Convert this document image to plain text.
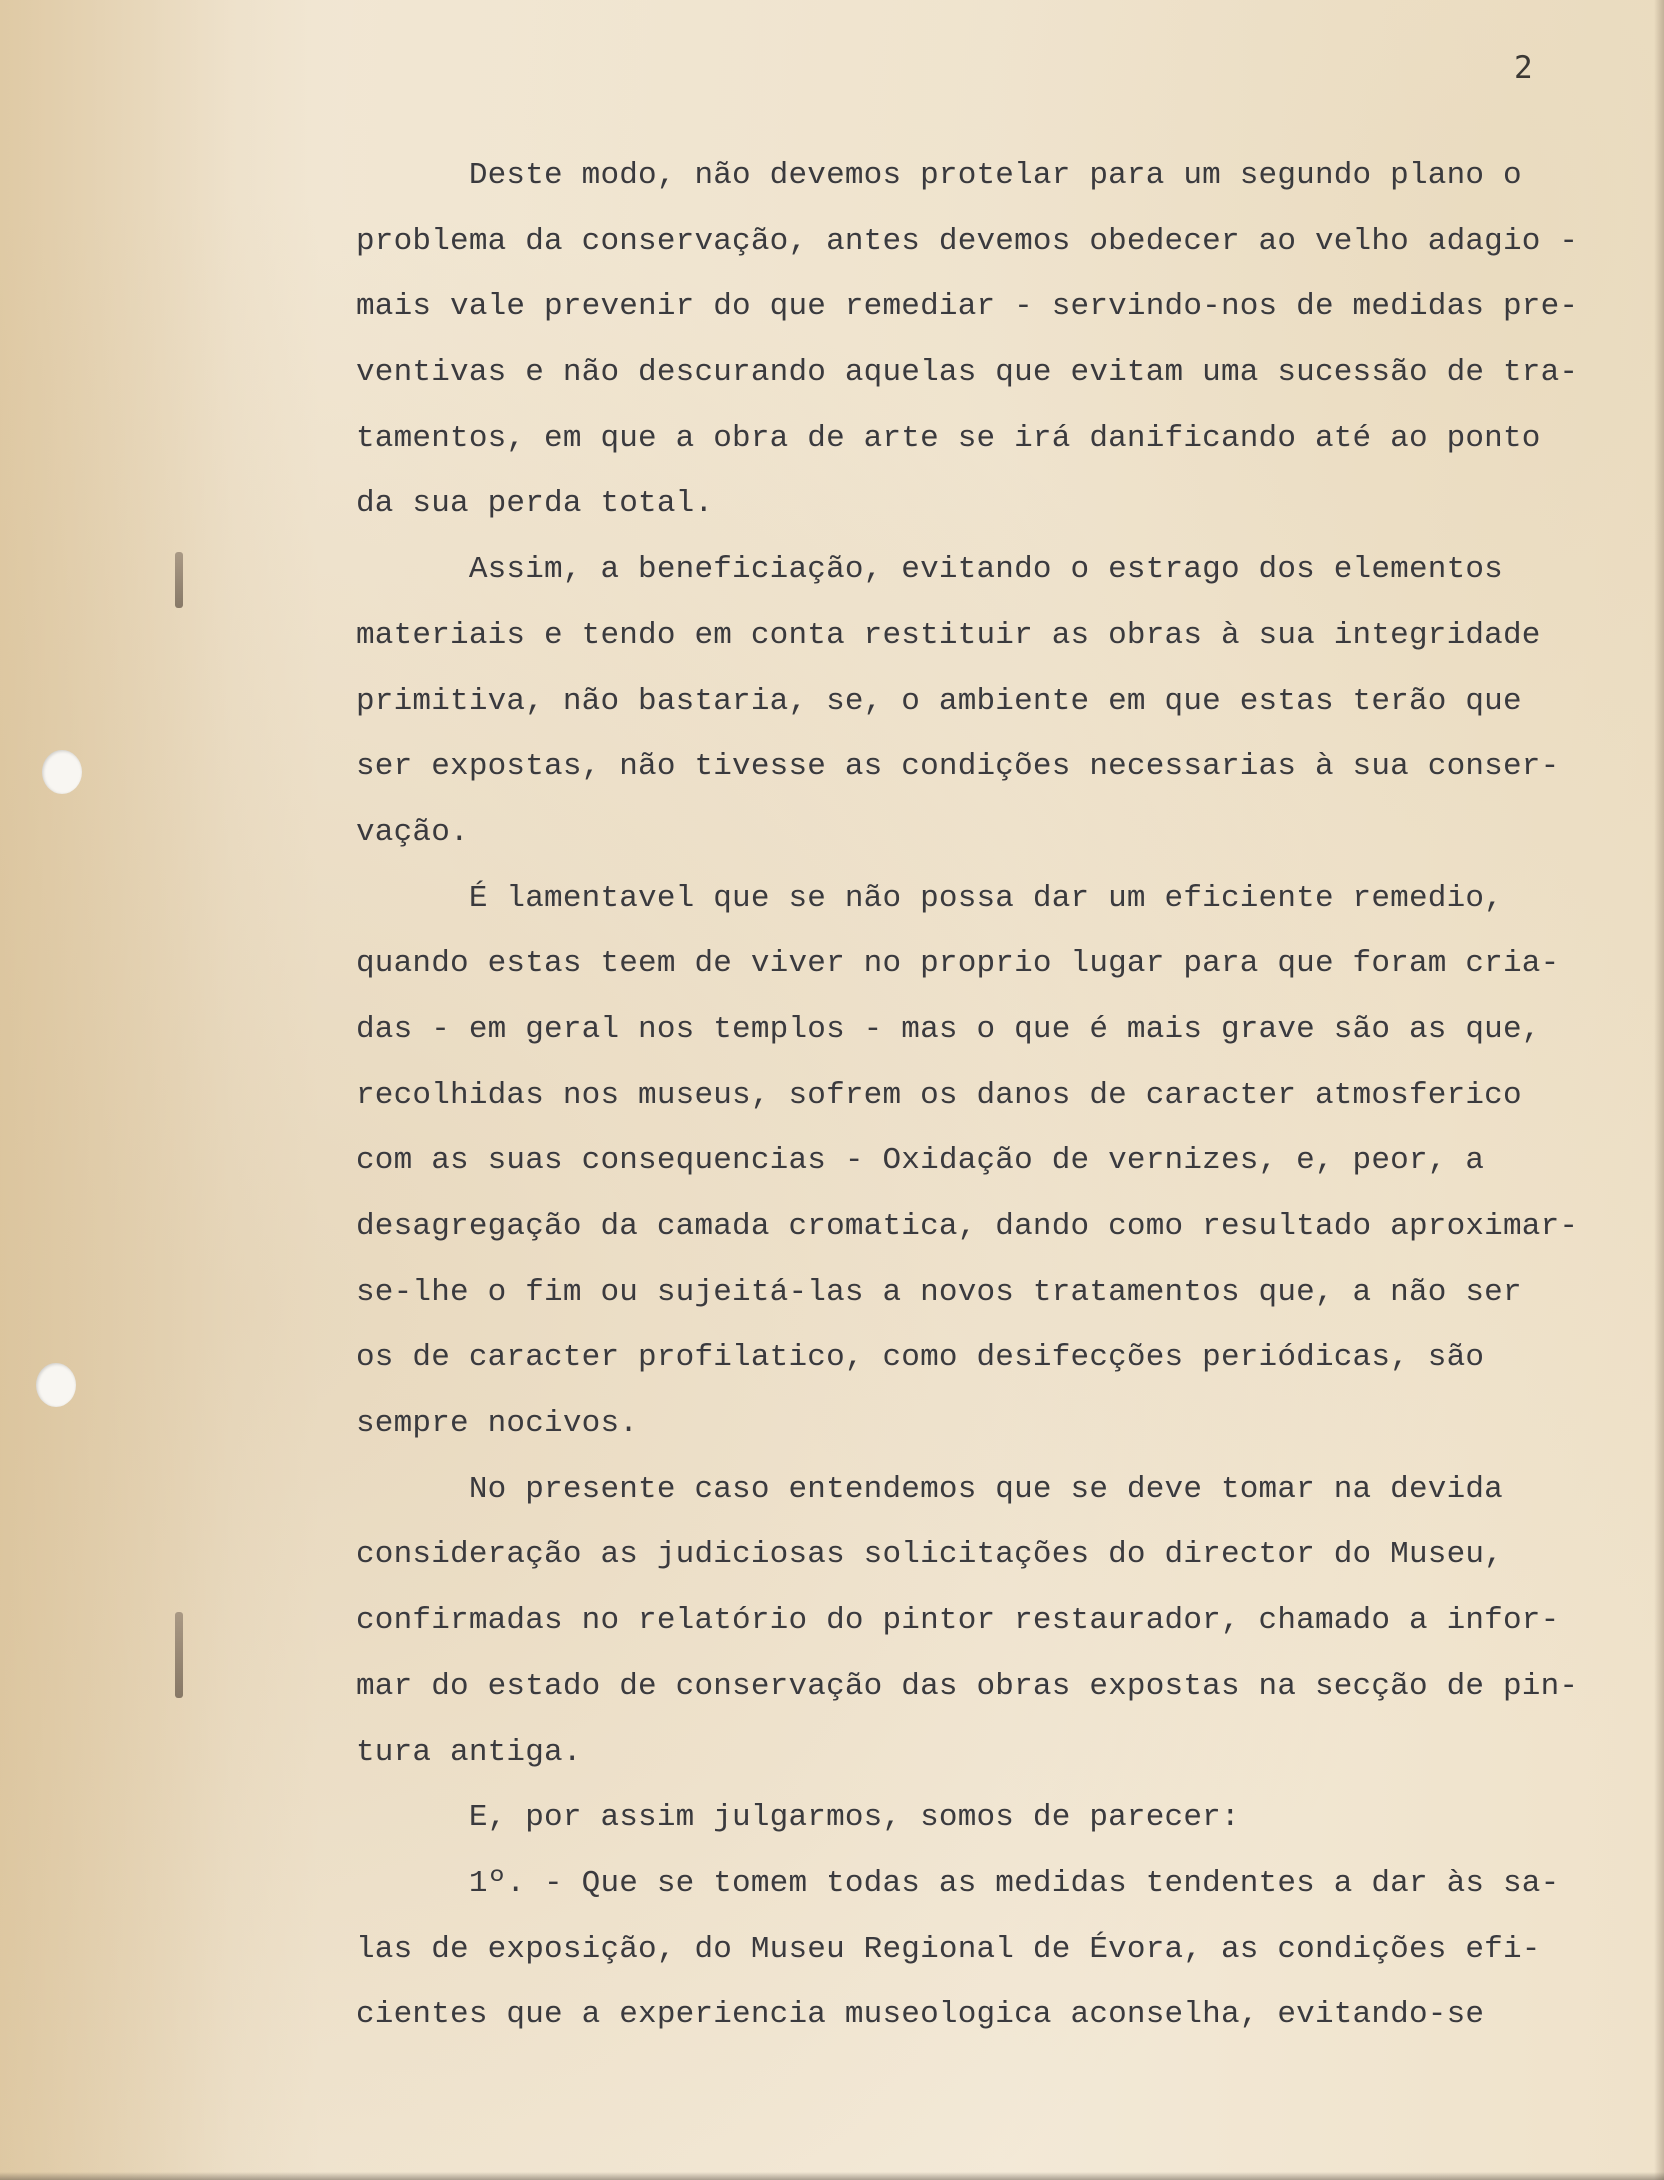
2
Deste modo, não devemos protelar para um segundo plano o
problema da conservação, antes devemos obedecer ao velho adagio -
mais vale prevenir do que remediar - servindo-nos de medidas pre-
ventivas e não descurando aquelas que evitam uma sucessão de tra-
tamentos, em que a obra de arte se irá danificando até ao ponto
da sua perda total.
Assim, a beneficiação, evitando o estrago dos elementos
materiais e tendo em conta restituir as obras à sua integridade
primitiva, não bastaria, se, o ambiente em que estas terão que
ser expostas, não tivesse as condições necessarias à sua conser-
vação.
É lamentavel que se não possa dar um eficiente remedio,
quando estas teem de viver no proprio lugar para que foram cria-
das - em geral nos templos - mas o que é mais grave são as que,
recolhidas nos museus, sofrem os danos de caracter atmosferico
com as suas consequencias - Oxidação de vernizes, e, peor, a
desagregação da camada cromatica, dando como resultado aproximar-
se-lhe o fim ou sujeitá-las a novos tratamentos que, a não ser
os de caracter profilatico, como desifecções periódicas, são
sempre nocivos.
No presente caso entendemos que se deve tomar na devida
consideração as judiciosas solicitações do director do Museu,
confirmadas no relatório do pintor restaurador, chamado a infor-
mar do estado de conservação das obras expostas na secção de pin-
tura antiga.
E, por assim julgarmos, somos de parecer:
1º. - Que se tomem todas as medidas tendentes a dar às sa-
las de exposição, do Museu Regional de Évora, as condições efi-
cientes que a experiencia museologica aconselha, evitando-se
